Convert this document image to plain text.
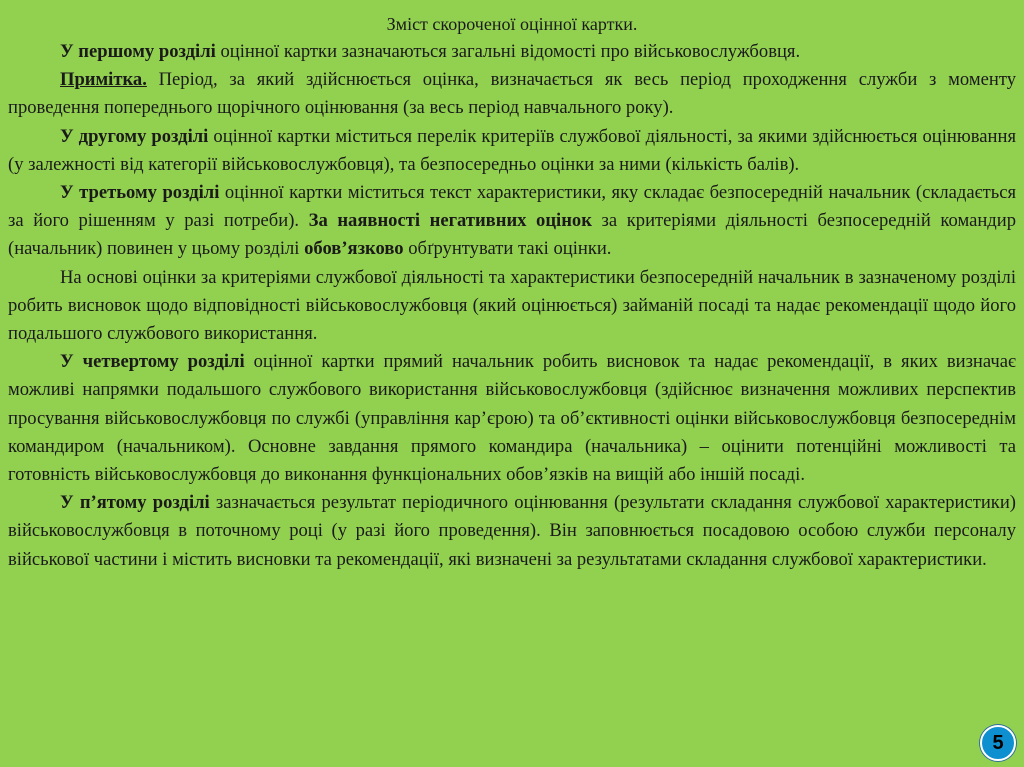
Зміст скороченої оцінної картки.

У першому розділі оцінної картки зазначаються загальні відомості про військовослужбовця.

Примітка. Період, за який здійснюється оцінка, визначається як весь період проходження служби з моменту проведення попереднього щорічного оцінювання (за весь період навчального року).

У другому розділі оцінної картки міститься перелік критеріїв службової діяльності, за якими здійснюється оцінювання (у залежності від категорії військовослужбовця), та безпосередньо оцінки за ними (кількість балів).

У третьому розділі оцінної картки міститься текст характеристики, яку складає безпосередній начальник (складається за його рішенням у разі потреби). За наявності негативних оцінок за критеріями діяльності безпосередній командир (начальник) повинен у цьому розділі обов’язково обґрунтувати такі оцінки.

На основі оцінки за критеріями службової діяльності та характеристики безпосередній начальник в зазначеному розділі робить висновок щодо відповідності військовослужбовця (який оцінюється) займаній посаді та надає рекомендації щодо його подальшого службового використання.

У четвертому розділі оцінної картки прямий начальник робить висновок та надає рекомендації, в яких визначає можливі напрямки подальшого службового використання військовослужбовця (здійснює визначення можливих перспектив просування військовослужбовця по службі (управління кар’єрою) та об’єктивності оцінки військовослужбовця безпосереднім командиром (начальником). Основне завдання прямого командира (начальника) – оцінити потенційні можливості та готовність військовослужбовця до виконання функціональних обов’язків на вищій або іншій посаді.

У п’ятому розділі зазначається результат періодичного оцінювання (результати складання службової характеристики) військовослужбовця в поточному році (у разі його проведення). Він заповнюється посадовою особою служби персоналу військової частини і містить висновки та рекомендації, які визначені за результатами складання службової характеристики.

5
